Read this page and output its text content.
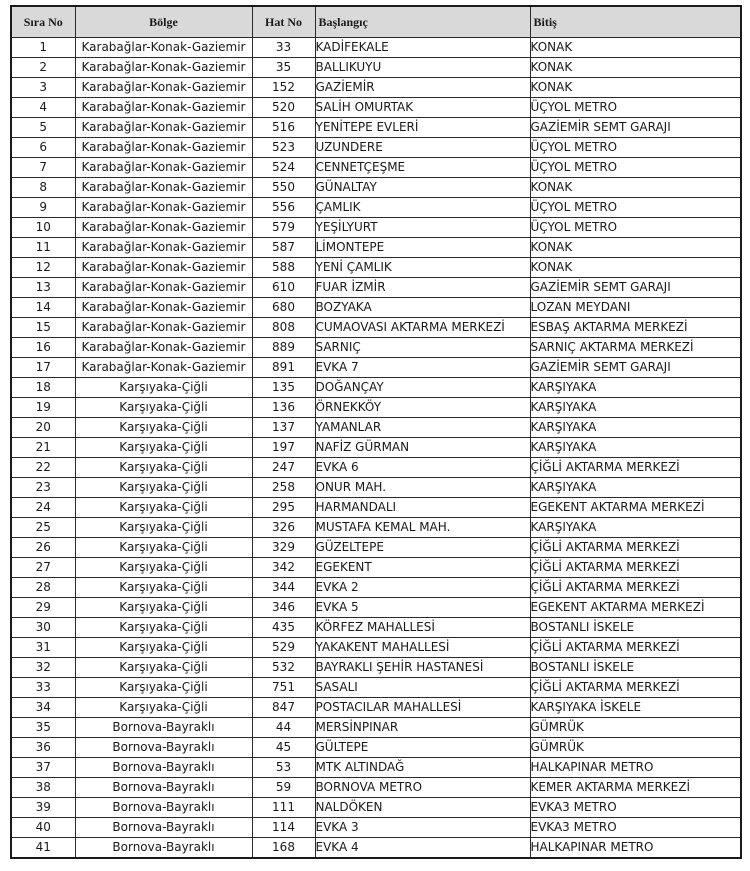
Sıra No	Bölge	Hat No	Başlangıç	Bitiş
1	Karabağlar-Konak-Gaziemir	33	KADİFEKALE	KONAK
2	Karabağlar-Konak-Gaziemir	35	BALLIKUYU	KONAK
3	Karabağlar-Konak-Gaziemir	152	GAZİEMİR	KONAK
4	Karabağlar-Konak-Gaziemir	520	SALİH OMURTAK	ÜÇYOL METRO
5	Karabağlar-Konak-Gaziemir	516	YENİTEPE EVLERİ	GAZİEMİR SEMT GARAJI
6	Karabağlar-Konak-Gaziemir	523	UZUNDERE	ÜÇYOL METRO
7	Karabağlar-Konak-Gaziemir	524	CENNETÇEŞME	ÜÇYOL METRO
8	Karabağlar-Konak-Gaziemir	550	GÜNALTAY	KONAK
9	Karabağlar-Konak-Gaziemir	556	ÇAMLIK	ÜÇYOL METRO
10	Karabağlar-Konak-Gaziemir	579	YEŞİLYURT	ÜÇYOL METRO
11	Karabağlar-Konak-Gaziemir	587	LİMONTEPE	KONAK
12	Karabağlar-Konak-Gaziemir	588	YENİ ÇAMLIK	KONAK
13	Karabağlar-Konak-Gaziemir	610	FUAR İZMİR	GAZİEMİR SEMT GARAJI
14	Karabağlar-Konak-Gaziemir	680	BOZYAKA	LOZAN MEYDANI
15	Karabağlar-Konak-Gaziemir	808	CUMAOVASI AKTARMA MERKEZİ	ESBAŞ AKTARMA MERKEZİ
16	Karabağlar-Konak-Gaziemir	889	SARNIÇ	SARNIÇ AKTARMA MERKEZİ
17	Karabağlar-Konak-Gaziemir	891	EVKA 7	GAZİEMİR SEMT GARAJI
18	Karşıyaka-Çiğli	135	DOĞANÇAY	KARŞIYAKA
19	Karşıyaka-Çiğli	136	ÖRNEKKÖY	KARŞIYAKA
20	Karşıyaka-Çiğli	137	YAMANLAR	KARŞIYAKA
21	Karşıyaka-Çiğli	197	NAFİZ GÜRMAN	KARŞIYAKA
22	Karşıyaka-Çiğli	247	EVKA 6	ÇİĞLİ AKTARMA MERKEZİ
23	Karşıyaka-Çiğli	258	ONUR MAH.	KARŞIYAKA
24	Karşıyaka-Çiğli	295	HARMANDALI	EGEKENT AKTARMA MERKEZİ
25	Karşıyaka-Çiğli	326	MUSTAFA KEMAL MAH.	KARŞIYAKA
26	Karşıyaka-Çiğli	329	GÜZELTEPE	ÇİĞLİ AKTARMA MERKEZİ
27	Karşıyaka-Çiğli	342	EGEKENT	ÇİĞLİ AKTARMA MERKEZİ
28	Karşıyaka-Çiğli	344	EVKA 2	ÇİĞLİ AKTARMA MERKEZİ
29	Karşıyaka-Çiğli	346	EVKA 5	EGEKENT AKTARMA MERKEZİ
30	Karşıyaka-Çiğli	435	KÖRFEZ MAHALLESİ	BOSTANLI İSKELE
31	Karşıyaka-Çiğli	529	YAKAKENT MAHALLESİ	ÇİĞLİ AKTARMA MERKEZİ
32	Karşıyaka-Çiğli	532	BAYRAKLI ŞEHİR HASTANESİ	BOSTANLI İSKELE
33	Karşıyaka-Çiğli	751	SASALI	ÇİĞLİ AKTARMA MERKEZİ
34	Karşıyaka-Çiğli	847	POSTACILAR MAHALLESİ	KARŞIYAKA İSKELE
35	Bornova-Bayraklı	44	MERSİNPINAR	GÜMRÜK
36	Bornova-Bayraklı	45	GÜLTEPE	GÜMRÜK
37	Bornova-Bayraklı	53	MTK ALTINDAĞ	HALKAPINAR METRO
38	Bornova-Bayraklı	59	BORNOVA METRO	KEMER AKTARMA MERKEZİ
39	Bornova-Bayraklı	111	NALDÖKEN	EVKA3 METRO
40	Bornova-Bayraklı	114	EVKA 3	EVKA3 METRO
41	Bornova-Bayraklı	168	EVKA 4	HALKAPINAR METRO
